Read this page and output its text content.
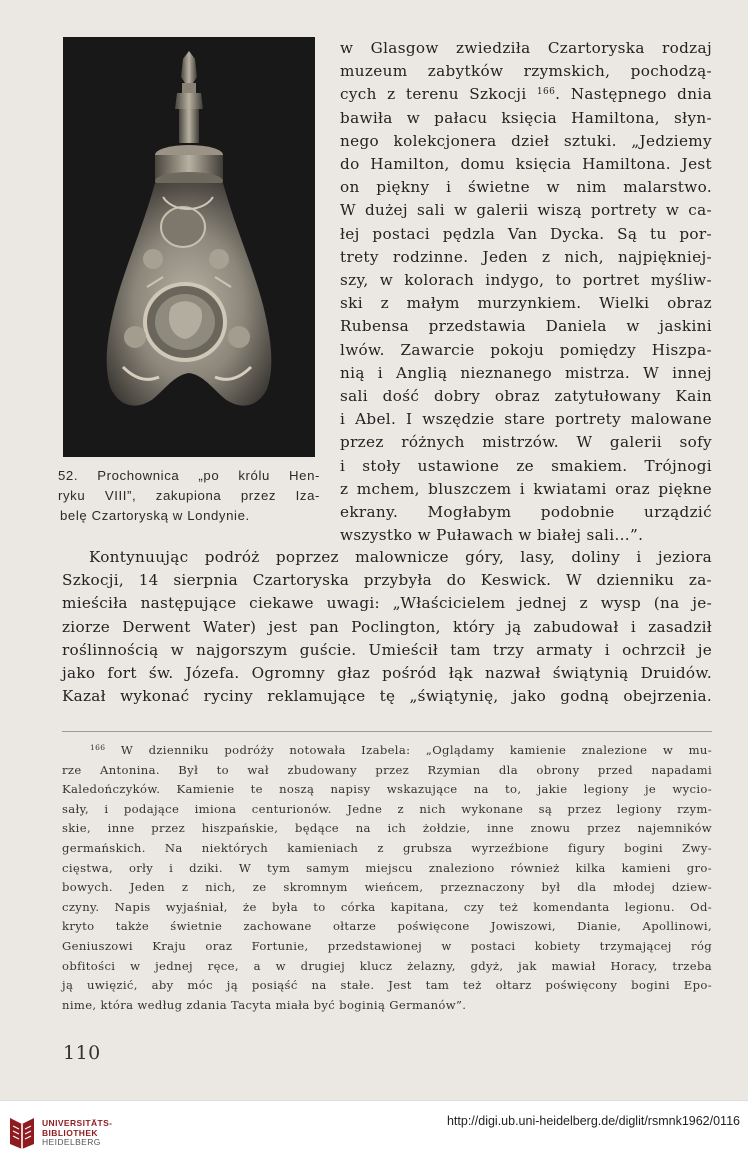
52. Prochownica „po królu Hen-
ryku VIII”, zakupiona przez Iza-
belę Czartoryską w Londynie.
w Glasgow zwiedziła Czartoryska rodzaj
muzeum zabytków rzymskich, pochodzą-
cych z terenu Szkocji $^{166}$. Następnego dnia
bawiła w pałacu księcia Hamiltona, słyn-
nego kolekcjonera dzieł sztuki. „Jedziemy
do Hamilton, domu księcia Hamiltona. Jest
on piękny i świetne w nim malarstwo.
W dużej sali w galerii wiszą portrety w ca-
łej postaci pędzla Van Dycka. Są tu por-
trety rodzinne. Jeden z nich, najpiękniej-
szy, w kolorach indygo, to portret myśliw-
ski z małym murzynkiem. Wielki obraz
Rubensa przedstawia Daniela w jaskini
lwów. Zawarcie pokoju pomiędzy Hiszpa-
nią i Anglią nieznanego mistrza. W innej
sali dość dobry obraz zatytułowany Kain
i Abel. I wszędzie stare portrety malowane
przez różnych mistrzów. W galerii sofy
i stoły ustawione ze smakiem. Trójnogi
z mchem, bluszczem i kwiatami oraz piękne
ekrany. Mogłabym podobnie urządzić
wszystko w Puławach w białej sali...”.
Kontynuując podróż poprzez malownicze góry, lasy, doliny i jeziora
Szkocji, 14 sierpnia Czartoryska przybyła do Keswick. W dzienniku za-
mieściła następujące ciekawe uwagi: „Właścicielem jednej z wysp (na je-
ziorze Derwent Water) jest pan Poclington, który ją zabudował i zasadził
roślinnością w najgorszym guście. Umieścił tam trzy armaty i ochrzcił je
jako fort św. Józefa. Ogromny głaz pośród łąk nazwał świątynią Druidów.
Kazał wykonać ryciny reklamujące tę „świątynię, jako godną obejrzenia.
$^{166}$ W dzienniku podróży notowała Izabela: „Oglądamy kamienie znalezione w mu-
rze Antonina. Był to wał zbudowany przez Rzymian dla obrony przed napadami
Kaledończyków. Kamienie te noszą napisy wskazujące na to, jakie legiony je wycio-
sały, i podające imiona centurionów. Jedne z nich wykonane są przez legiony rzym-
skie, inne przez hiszpańskie, będące na ich żołdzie, inne znowu przez najemników
germańskich. Na niektórych kamieniach z grubsza wyrzeźbione figury bogini Zwy-
cięstwa, orły i dziki. W tym samym miejscu znaleziono również kilka kamieni gro-
bowych. Jeden z nich, ze skromnym wieńcem, przeznaczony był dla młodej dziew-
czyny. Napis wyjaśniał, że była to córka kapitana, czy też komendanta legionu. Od-
kryto także świetnie zachowane ołtarze poświęcone Jowiszowi, Dianie, Apollinowi,
Geniuszowi Kraju oraz Fortunie, przedstawionej w postaci kobiety trzymającej róg
obfitości w jednej ręce, a w drugiej klucz żelazny, gdyż, jak mawiał Horacy, trzeba
ją uwięzić, aby móc ją posiąść na stałe. Jest tam też ołtarz poświęcony bogini Epo-
nime, która według zdania Tacyta miała być boginią Germanów”.
110
UNIVERSITÄTS-
BIBLIOTHEK
HEIDELBERG
http://digi.ub.uni-heidelberg.de/diglit/rsmnk1962/0116
